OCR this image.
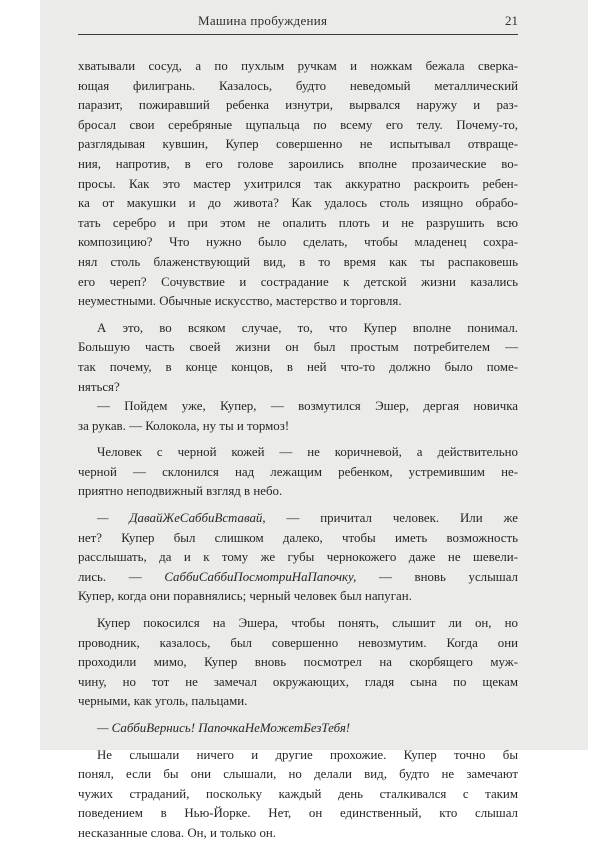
Машина пробуждения	21
хватывали сосуд, а по пухлым ручкам и ножкам бежала сверка-
ющая филигрань. Казалось, будто неведомый металлический
паразит, пожиравший ребенка изнутри, вырвался наружу и раз-
бросал свои серебряные щупальца по всему его телу. Почему-то,
разглядывая кувшин, Купер совершенно не испытывал отвраще-
ния, напротив, в его голове зароились вполне прозаические во-
просы. Как это мастер ухитрился так аккуратно раскроить ребен-
ка от макушки и до живота? Как удалось столь изящно обрабо-
тать серебро и при этом не опалить плоть и не разрушить всю
композицию? Что нужно было сделать, чтобы младенец сохра-
нял столь блаженствующий вид, в то время как ты распаковешь
его череп? Сочувствие и сострадание к детской жизни казались
неуместными. Обычные искусство, мастерство и торговля.
А это, во всяком случае, то, что Купер вполне понимал.
Большую часть своей жизни он был простым потребителем —
так почему, в конце концов, в ней что-то должно было поме-
няться?
— Пойдем уже, Купер, — возмутился Эшер, дергая новичка
за рукав. — Колокола, ну ты и тормоз!
Человек с черной кожей — не коричневой, а действительно
черной — склонился над лежащим ребенком, устремившим не-
приятно неподвижный взгляд в небо.
— ДавайЖеСаббиВставай, — причитал человек. Или же
нет? Купер был слишком далеко, чтобы иметь возможность
расслышать, да и к тому же губы чернокожего даже не шевели-
лись. — СаббиСаббиПосмотриНаПапочку, — вновь услышал
Купер, когда они поравнялись; черный человек был напуган.
Купер покосился на Эшера, чтобы понять, слышит ли он, но
проводник, казалось, был совершенно невозмутим. Когда они
проходили мимо, Купер вновь посмотрел на скорбящего муж-
чину, но тот не замечал окружающих, гладя сына по щекам
черными, как уголь, пальцами.
— СаббиВернись! ПапочкаНеМожетБезТебя!
Не слышали ничего и другие прохожие. Купер точно бы
понял, если бы они слышали, но делали вид, будто не замечают
чужих страданий, поскольку каждый день сталкивался с таким
поведением в Нью-Йорке. Нет, он единственный, кто слышал
несказанные слова. Он, и только он.
